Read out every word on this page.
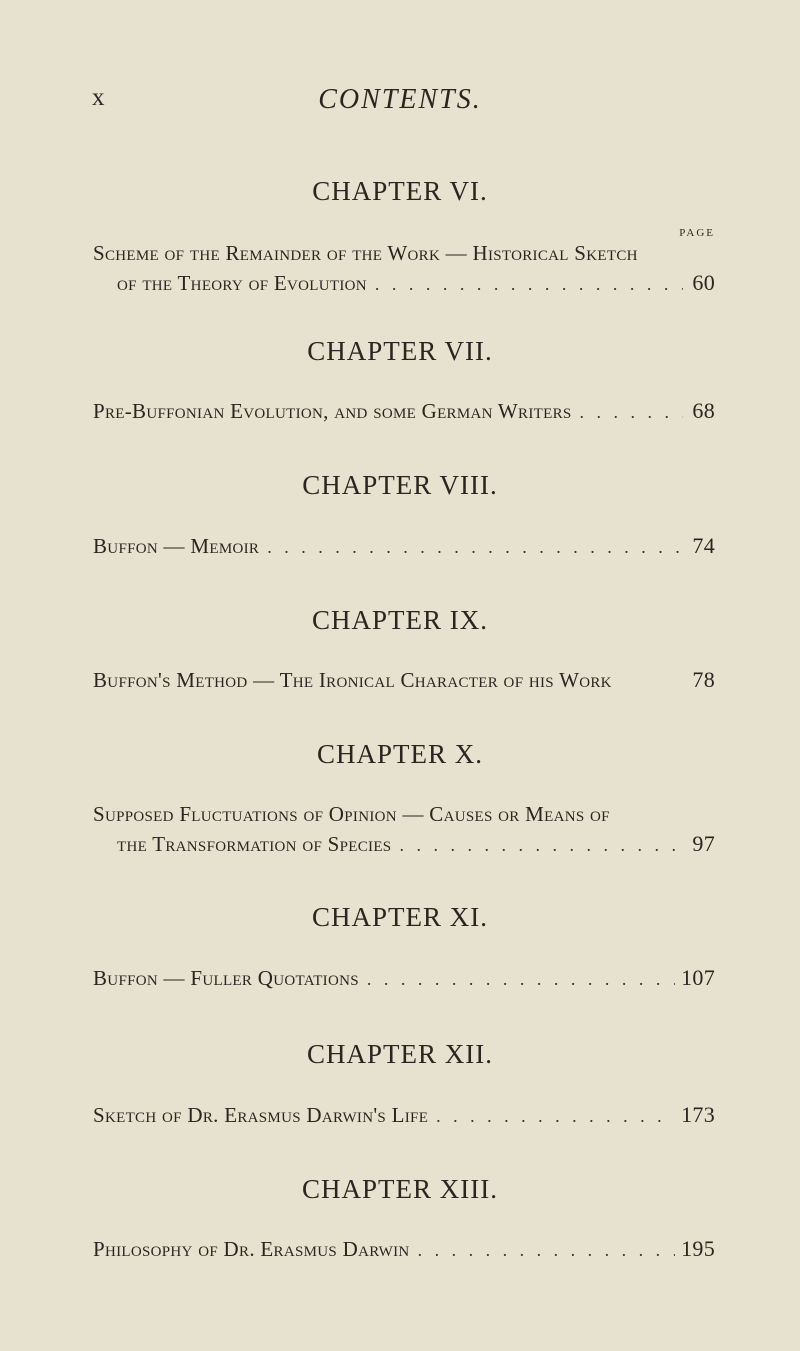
x	CONTENTS.
PAGE
CHAPTER VI.
Scheme of the Remainder of the Work — Historical Sketch
of the Theory of Evolution . . .	60
CHAPTER VII.
Pre-Buffonian Evolution, and some German Writers . . .	68
CHAPTER VIII.
Buffon — Memoir . . .	74
CHAPTER IX.
Buffon's Method — The Ironical Character of his Work	78
CHAPTER X.
Supposed Fluctuations of Opinion — Causes or Means of
the Transformation of Species . . .	97
CHAPTER XI.
Buffon — Fuller Quotations . . .	107
CHAPTER XII.
Sketch of Dr. Erasmus Darwin's Life . . .	173
CHAPTER XIII.
Philosophy of Dr. Erasmus Darwin . . .	195
